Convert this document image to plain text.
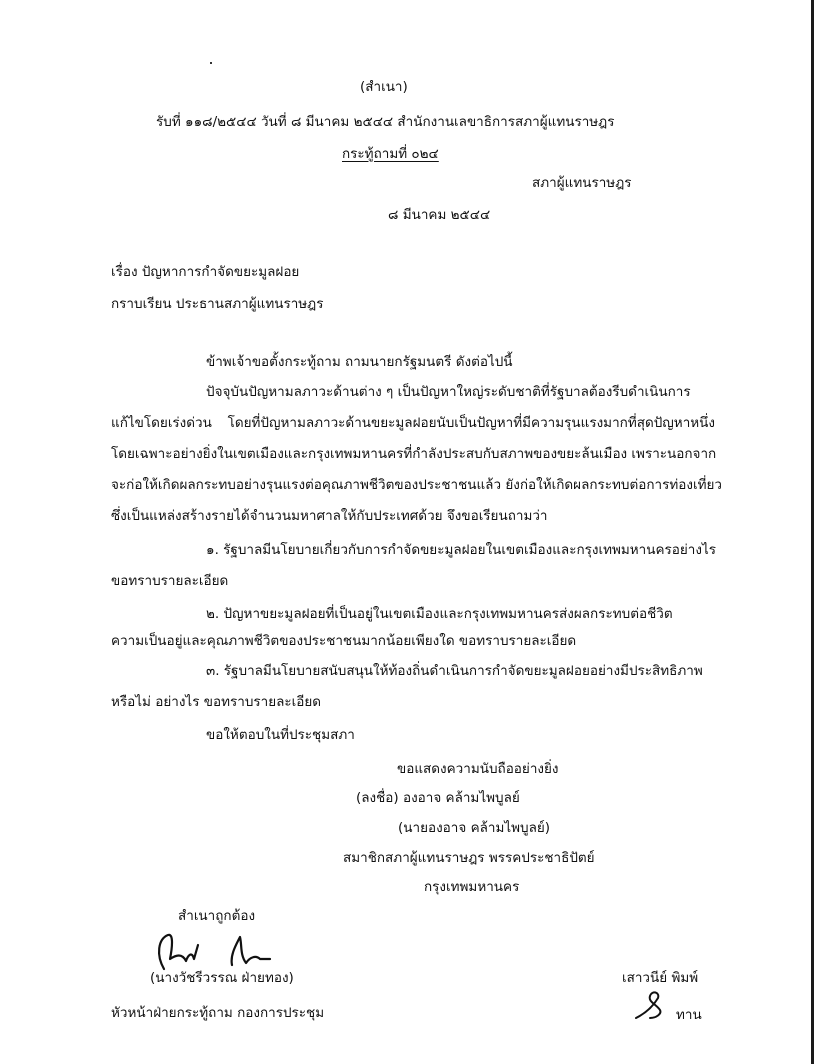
(สำเนา)
รับที่ ๑๑๘/๒๕๔๔ วันที่ ๘ มีนาคม ๒๕๔๔ สำนักงานเลขาธิการสภาผู้แทนราษฎร
กระทู้ถามที่ ๐๒๔
สภาผู้แทนราษฎร
๘ มีนาคม ๒๕๔๔
เรื่อง ปัญหาการกำจัดขยะมูลฝอย
กราบเรียน ประธานสภาผู้แทนราษฎร
ข้าพเจ้าขอตั้งกระทู้ถาม ถามนายกรัฐมนตรี ดังต่อไปนี้
ปัจจุบันปัญหามลภาวะด้านต่าง ๆ เป็นปัญหาใหญ่ระดับชาติที่รัฐบาลต้องรีบดำเนินการ
แก้ไขโดยเร่งด่วน โดยที่ปัญหามลภาวะด้านขยะมูลฝอยนับเป็นปัญหาที่มีความรุนแรงมากที่สุดปัญหาหนึ่ง
โดยเฉพาะอย่างยิ่งในเขตเมืองและกรุงเทพมหานครที่กำลังประสบกับสภาพของขยะล้นเมือง เพราะนอกจาก
จะก่อให้เกิดผลกระทบอย่างรุนแรงต่อคุณภาพชีวิตของประชาชนแล้ว ยังก่อให้เกิดผลกระทบต่อการท่องเที่ยว
ซึ่งเป็นแหล่งสร้างรายได้จำนวนมหาศาลให้กับประเทศด้วย จึงขอเรียนถามว่า
๑. รัฐบาลมีนโยบายเกี่ยวกับการกำจัดขยะมูลฝอยในเขตเมืองและกรุงเทพมหานครอย่างไร
ขอทราบรายละเอียด
๒. ปัญหาขยะมูลฝอยที่เป็นอยู่ในเขตเมืองและกรุงเทพมหานครส่งผลกระทบต่อชีวิต
ความเป็นอยู่และคุณภาพชีวิตของประชาชนมากน้อยเพียงใด ขอทราบรายละเอียด
๓. รัฐบาลมีนโยบายสนับสนุนให้ท้องถิ่นดำเนินการกำจัดขยะมูลฝอยอย่างมีประสิทธิภาพ
หรือไม่ อย่างไร ขอทราบรายละเอียด
ขอให้ตอบในที่ประชุมสภา
ขอแสดงความนับถืออย่างยิ่ง
(ลงชื่อ) องอาจ คล้ามไพบูลย์
(นายองอาจ คล้ามไพบูลย์)
สมาชิกสภาผู้แทนราษฎร พรรคประชาธิปัตย์
กรุงเทพมหานคร
สำเนาถูกต้อง
(นางวัชรีวรรณ ฝ่ายทอง)
หัวหน้าฝ่ายกระทู้ถาม กองการประชุม
เสาวนีย์ พิมพ์
ทาน
